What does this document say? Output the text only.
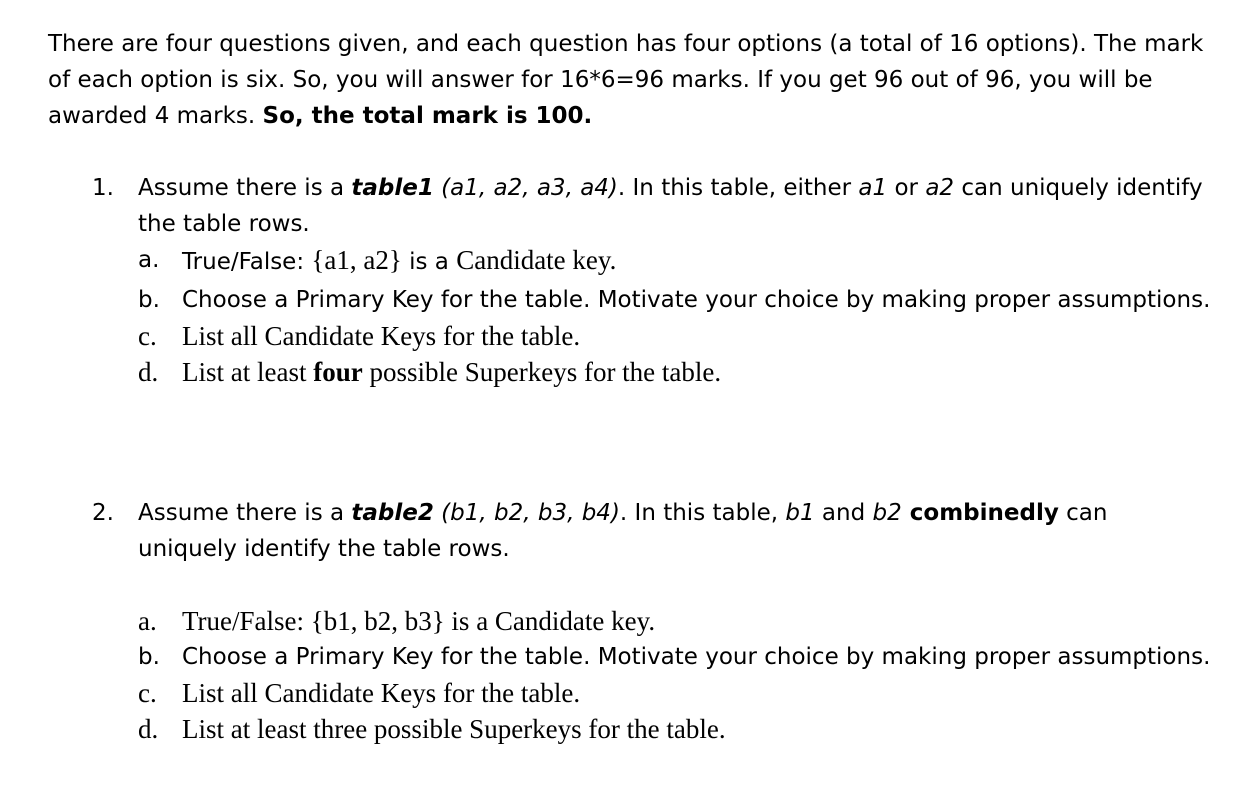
There are four questions given, and each question has four options (a total of 16 options). The mark of each option is six. So, you will answer for 16*6=96 marks. If you get 96 out of 96, you will be awarded 4 marks. So, the total mark is 100.

1. Assume there is a table1 (a1, a2, a3, a4). In this table, either a1 or a2 can uniquely identify the table rows.

a. True/False: {a1, a2} is a Candidate key.
b. Choose a Primary Key for the table. Motivate your choice by making proper assumptions.
c. List all Candidate Keys for the table.
d. List at least four possible Superkeys for the table.
2. Assume there is a table2 (b1, b2, b3, b4). In this table, b1 and b2 combinedly can uniquely identify the table rows.

a. True/False: {b1, b2, b3} is a Candidate key.
b. Choose a Primary Key for the table. Motivate your choice by making proper assumptions.
c. List all Candidate Keys for the table.
d. List at least three possible Superkeys for the table.
